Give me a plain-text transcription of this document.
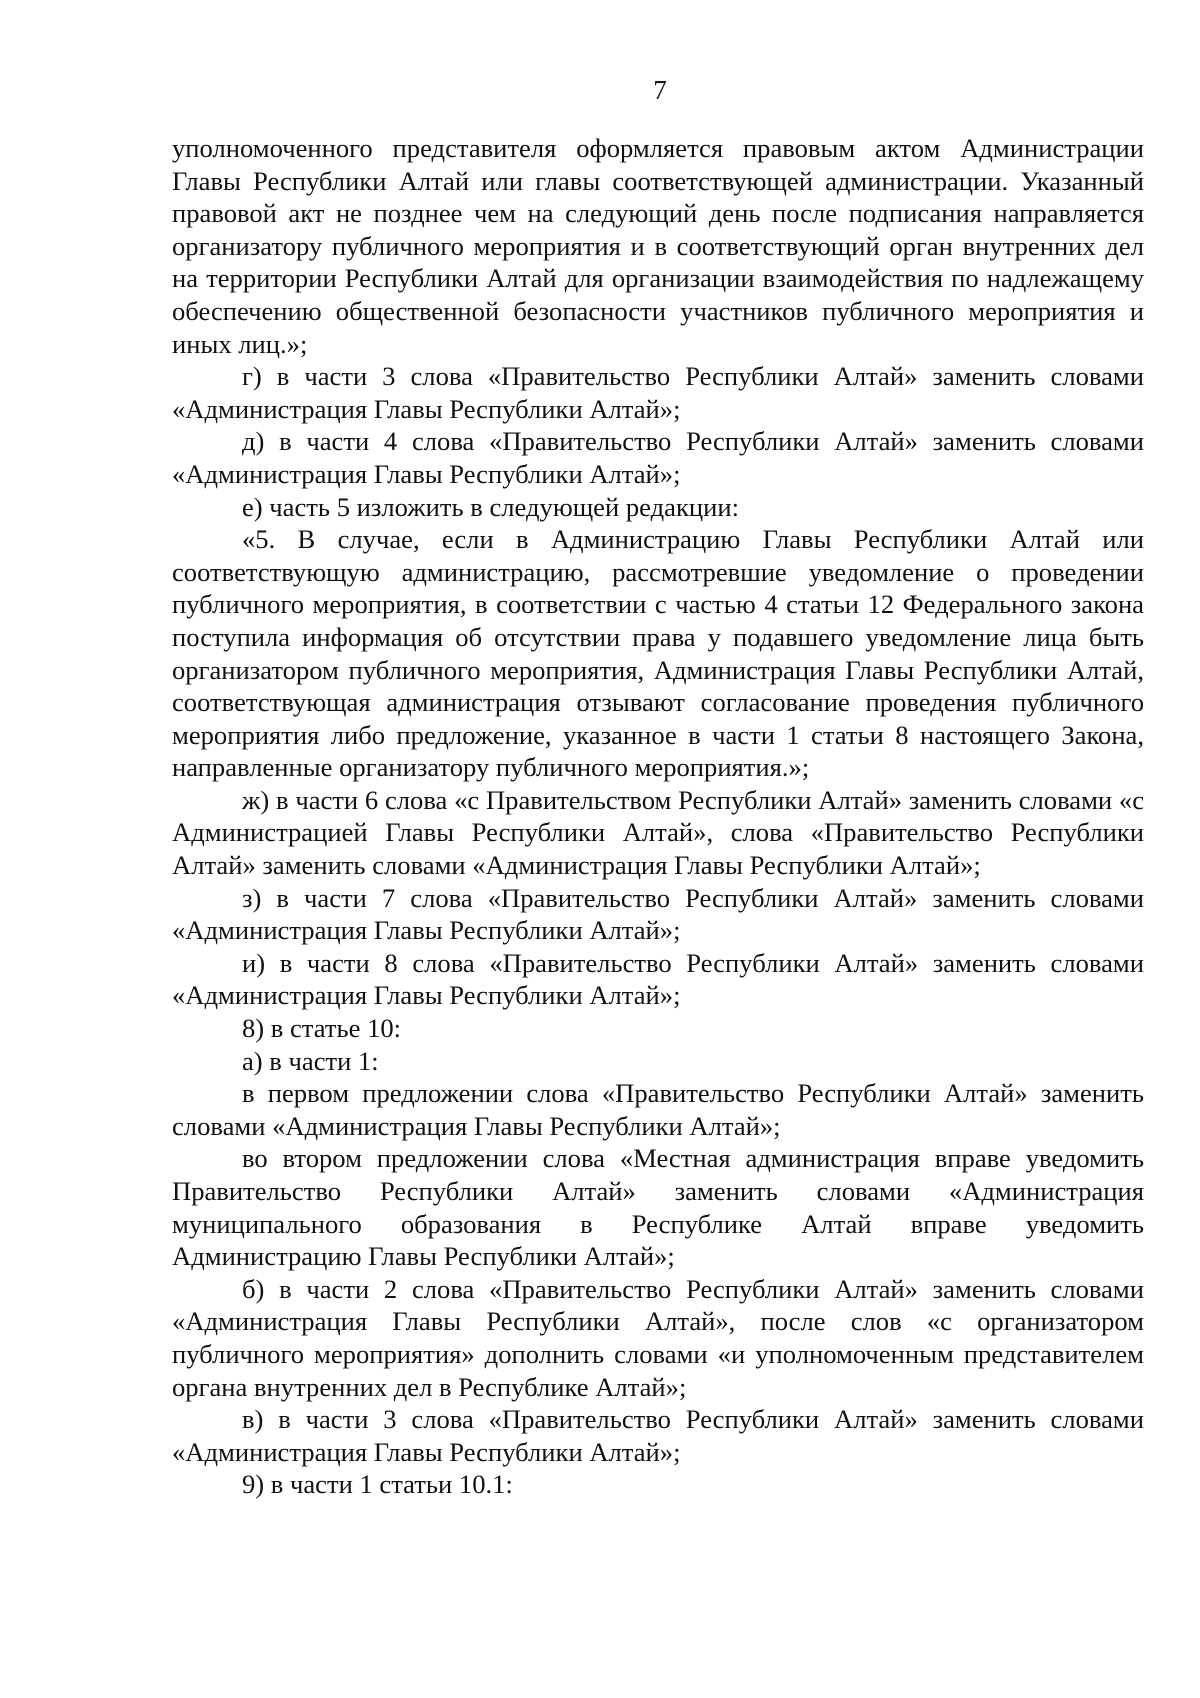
7

уполномоченного представителя оформляется правовым актом Администрации Главы Республики Алтай или главы соответствующей администрации. Указанный правовой акт не позднее чем на следующий день после подписания направляется организатору публичного мероприятия и в соответствующий орган внутренних дел на территории Республики Алтай для организации взаимодействия по надлежащему обеспечению общественной безопасности участников публичного мероприятия и иных лиц.»;

г) в части 3 слова «Правительство Республики Алтай» заменить словами «Администрация Главы Республики Алтай»;

д) в части 4 слова «Правительство Республики Алтай» заменить словами «Администрация Главы Республики Алтай»;

е) часть 5 изложить в следующей редакции:

«5. В случае, если в Администрацию Главы Республики Алтай или соответствующую администрацию, рассмотревшие уведомление о проведении публичного мероприятия, в соответствии с частью 4 статьи 12 Федерального закона поступила информация об отсутствии права у подавшего уведомление лица быть организатором публичного мероприятия, Администрация Главы Республики Алтай, соответствующая администрация отзывают согласование проведения публичного мероприятия либо предложение, указанное в части 1 статьи 8 настоящего Закона, направленные организатору публичного мероприятия.»;

ж) в части 6 слова «с Правительством Республики Алтай» заменить словами «с Администрацией Главы Республики Алтай», слова «Правительство Республики Алтай» заменить словами «Администрация Главы Республики Алтай»;

з) в части 7 слова «Правительство Республики Алтай» заменить словами «Администрация Главы Республики Алтай»;

и) в части 8 слова «Правительство Республики Алтай» заменить словами «Администрация Главы Республики Алтай»;

8) в статье 10:

а) в части 1:

в первом предложении слова «Правительство Республики Алтай» заменить словами «Администрация Главы Республики Алтай»;

во втором предложении слова «Местная администрация вправе уведомить Правительство Республики Алтай» заменить словами «Администрация муниципального образования в Республике Алтай вправе уведомить Администрацию Главы Республики Алтай»;

б) в части 2 слова «Правительство Республики Алтай» заменить словами «Администрация Главы Республики Алтай», после слов «с организатором публичного мероприятия» дополнить словами «и уполномоченным представителем органа внутренних дел в Республике Алтай»;

в) в части 3 слова «Правительство Республики Алтай» заменить словами «Администрация Главы Республики Алтай»;

9) в части 1 статьи 10.1:
